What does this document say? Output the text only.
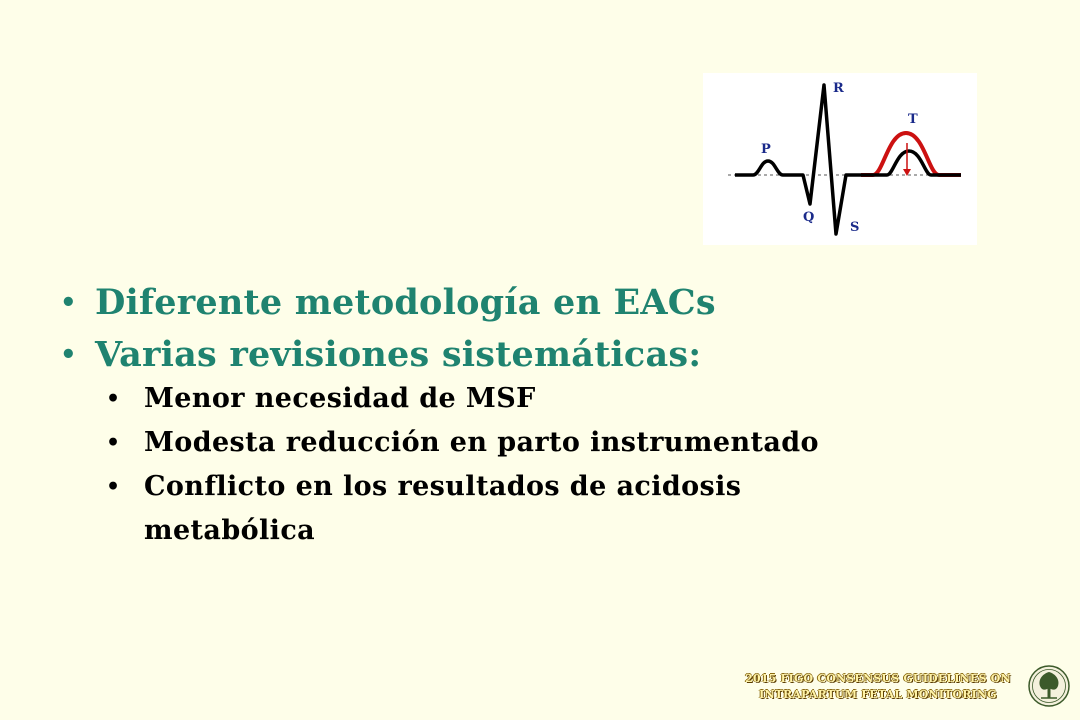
R
T
P
Q
S
• Diferente metodología en EACs
• Varias revisiones sistemáticas:
• Menor necesidad de MSF
• Modesta reducción en parto instrumentado
• Conflicto en los resultados de acidosis metabólica
2015 FIGO CONSENSUS GUIDELINES ON
INTRAPARTUM FETAL MONITORING
